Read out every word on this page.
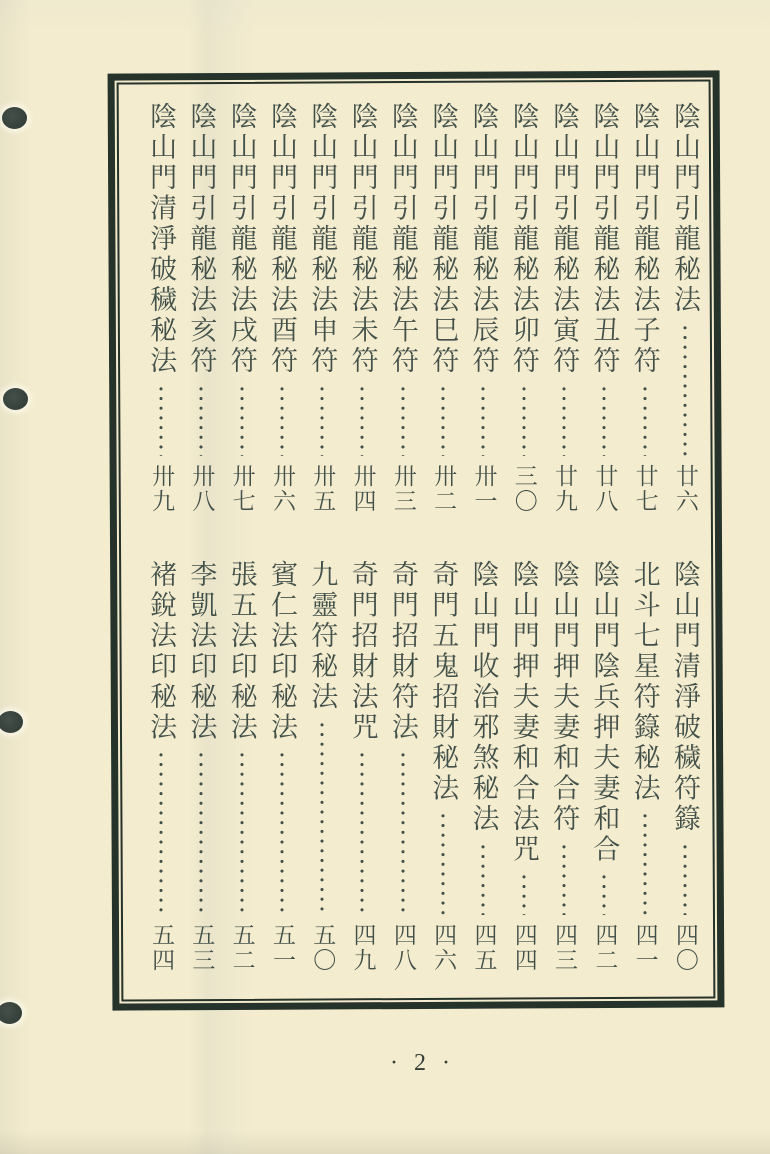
陰山門引龍秘法
廿六
陰山門引龍秘法子符
廿七
陰山門引龍秘法丑符
廿八
陰山門引龍秘法寅符
廿九
陰山門引龍秘法卯符
三〇
陰山門引龍秘法辰符
卅一
陰山門引龍秘法巳符
卅二
陰山門引龍秘法午符
卅三
陰山門引龍秘法未符
卅四
陰山門引龍秘法申符
卅五
陰山門引龍秘法酉符
卅六
陰山門引龍秘法戌符
卅七
陰山門引龍秘法亥符
卅八
陰山門清淨破穢秘法
卅九
陰山門清淨破穢符籙
四〇
北斗七星符籙秘法
四一
陰山門陰兵押夫妻和合
四二
陰山門押夫妻和合符
四三
陰山門押夫妻和合法咒
四四
陰山門收治邪煞秘法
四五
奇門五鬼招財秘法
四六
奇門招財符法
四八
奇門招財法咒
四九
九靈符秘法
五〇
賓仁法印秘法
五一
張五法印秘法
五二
李凱法印秘法
五三
褚銳法印秘法
五四
· 2 ·
